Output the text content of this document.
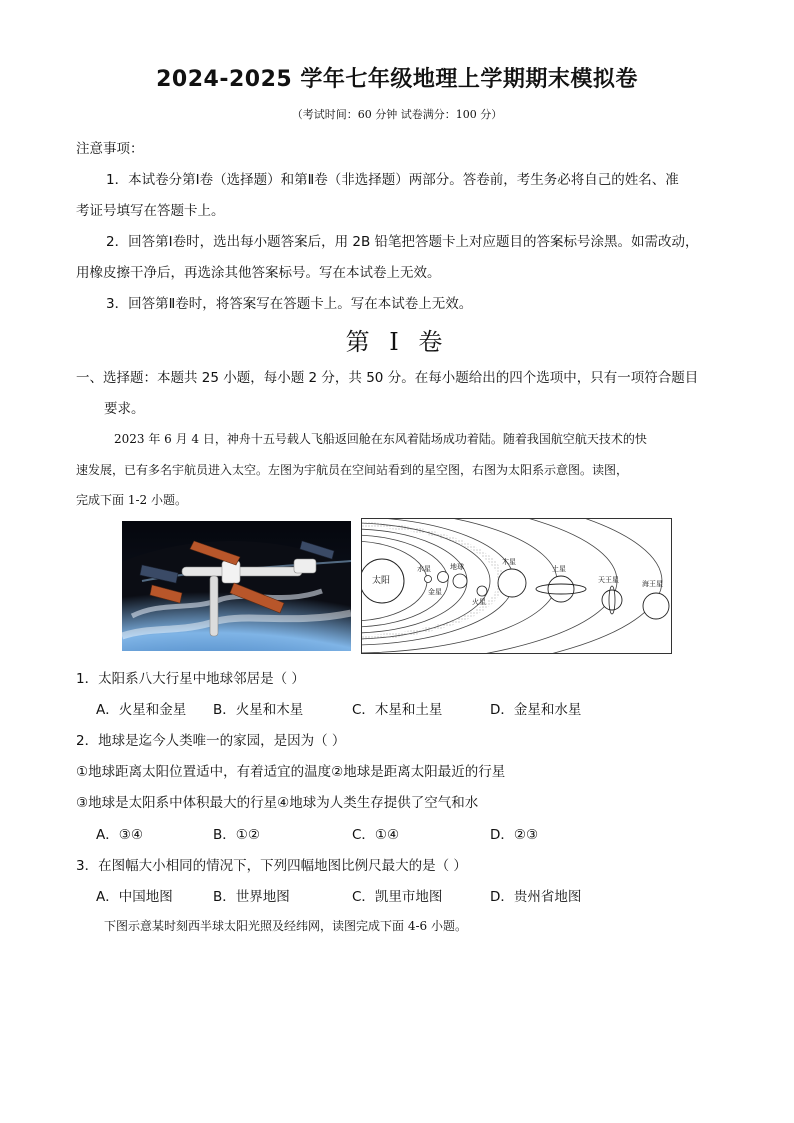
2024-2025 学年七年级地理上学期期末模拟卷
（考试时间：60 分钟 试卷满分：100 分）
注意事项：
1．本试卷分第Ⅰ卷（选择题）和第Ⅱ卷（非选择题）两部分。答卷前，考生务必将自己的姓名、准
考证号填写在答题卡上。
2．回答第Ⅰ卷时，选出每小题答案后，用 2B 铅笔把答题卡上对应题目的答案标号涂黑。如需改动，
用橡皮擦干净后，再选涂其他答案标号。写在本试卷上无效。
3．回答第Ⅱ卷时，将答案写在答题卡上。写在本试卷上无效。
第 I 卷
一、选择题：本题共 25 小题，每小题 2 分，共 50 分。在每小题给出的四个选项中，只有一项符合题目
要求。
2023 年 6 月 4 日，神舟十五号载人飞船返回舱在东风着陆场成功着陆。随着我国航空航天技术的快
速发展，已有多名宇航员进入太空。左图为宇航员在空间站看到的星空图，右图为太阳系示意图。读图，
完成下面 1-2 小题。
太阳
水星
金星
地球
火星
木星
土星
天王星	海王星
1．太阳系八大行星中地球邻居是（ ）
A．火星和金星 B．火星和木星	C．木星和土星	D．金星和水星
2．地球是迄今人类唯一的家园，是因为（ ）
①地球距离太阳位置适中，有着适宜的温度②地球是距离太阳最近的行星
③地球是太阳系中体积最大的行星④地球为人类生存提供了空气和水
A．③④	B．①②	C．①④	D．②③
3．在图幅大小相同的情况下，下列四幅地图比例尺最大的是（ ）
A．中国地图	B．世界地图	C．凯里市地图	D．贵州省地图
下图示意某时刻西半球太阳光照及经纬网，读图完成下面 4-6 小题。
